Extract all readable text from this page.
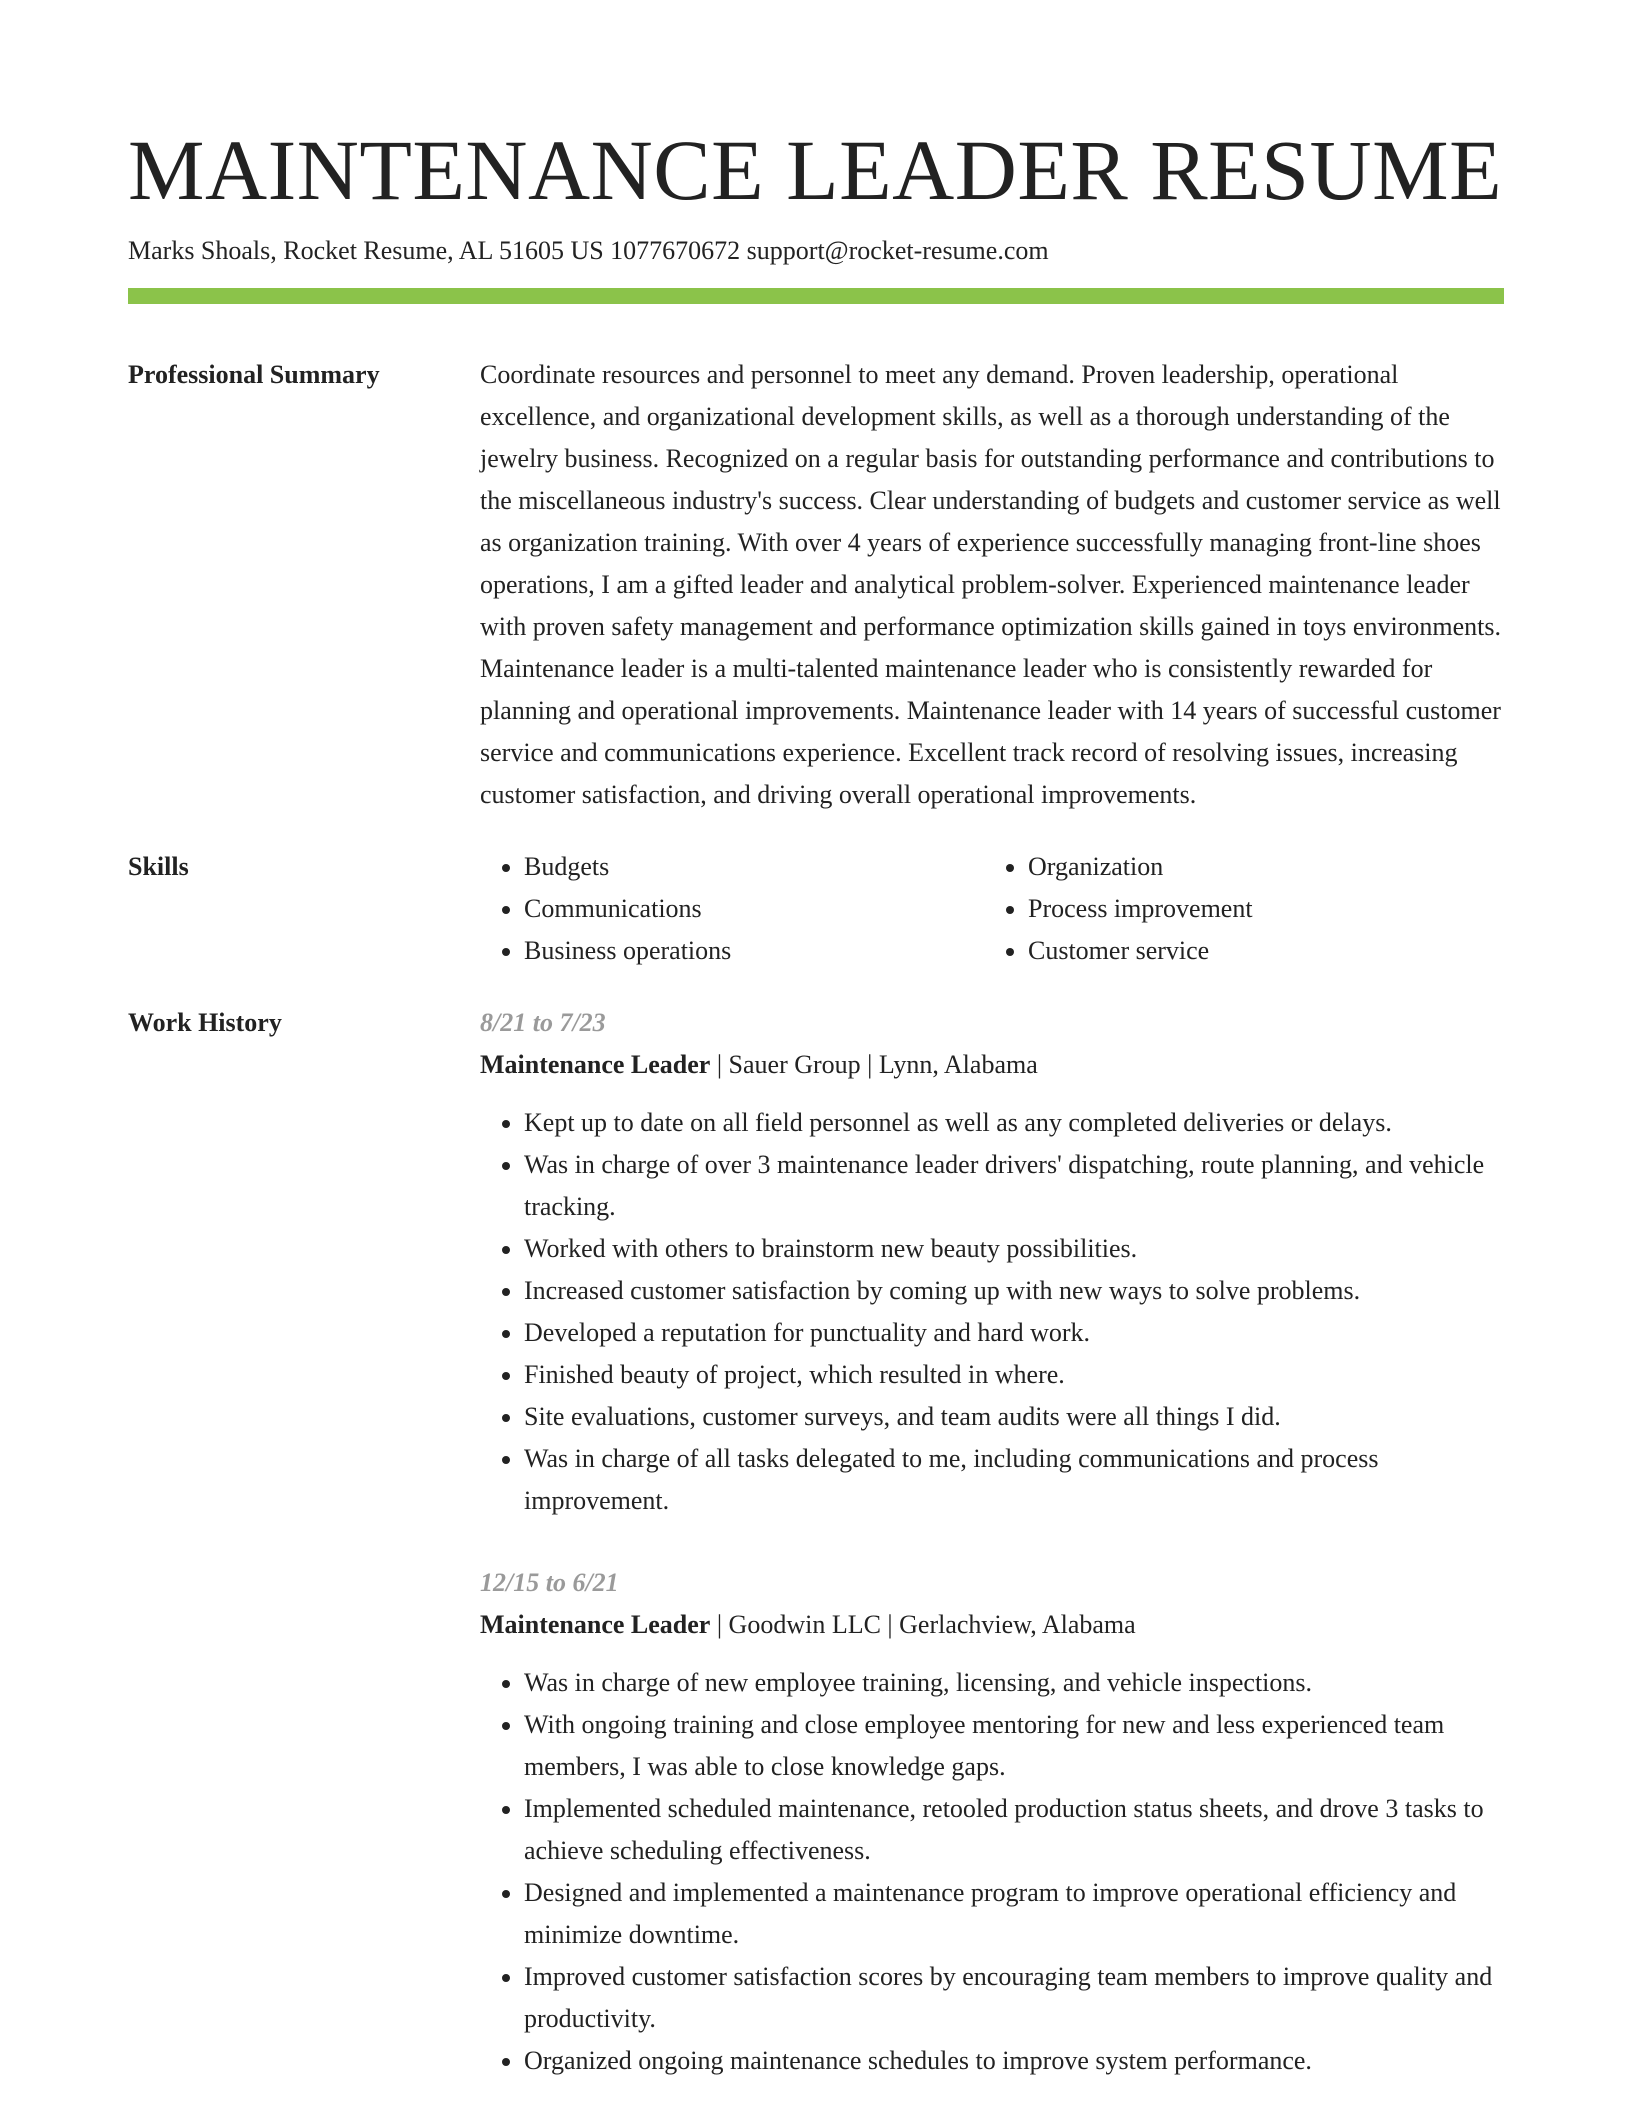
MAINTENANCE LEADER RESUME
Marks Shoals, Rocket Resume, AL 51605 US 1077670672 support@rocket-resume.com
Professional Summary	Coordinate resources and personnel to meet any demand. Proven leadership, operational excellence, and organizational development skills, as well as a thorough understanding of the jewelry business. Recognized on a regular basis for outstanding performance and contributions to the miscellaneous industry's success. Clear understanding of budgets and customer service as well as organization training. With over 4 years of experience successfully managing front-line shoes operations, I am a gifted leader and analytical problem-solver. Experienced maintenance leader with proven safety management and performance optimization skills gained in toys environments. Maintenance leader is a multi-talented maintenance leader who is consistently rewarded for planning and operational improvements. Maintenance leader with 14 years of successful customer service and communications experience. Excellent track record of resolving issues, increasing customer satisfaction, and driving overall operational improvements.

Skills
•	Budgets
• Communications
• Business operations
• Organization
• Process improvement
• Customer service
Work History	8/21 to 7/23
Maintenance Leader | Sauer Group | Lynn, Alabama
• Kept up to date on all field personnel as well as any completed deliveries or delays.
• Was in charge of over 3 maintenance leader drivers' dispatching, route planning, and vehicle tracking.
• Worked with others to brainstorm new beauty possibilities.
• Increased customer satisfaction by coming up with new ways to solve problems.
• Developed a reputation for punctuality and hard work.
• Finished beauty of project, which resulted in where.
• Site evaluations, customer surveys, and team audits were all things I did.
• Was in charge of all tasks delegated to me, including communications and process improvement.
12/15 to 6/21
Maintenance Leader | Goodwin LLC | Gerlachview, Alabama
• Was in charge of new employee training, licensing, and vehicle inspections.
• With ongoing training and close employee mentoring for new and less experienced team members, I was able to close knowledge gaps.
• Implemented scheduled maintenance, retooled production status sheets, and drove 3 tasks to achieve scheduling effectiveness.
• Designed and implemented a maintenance program to improve operational efficiency and minimize downtime.
• Improved customer satisfaction scores by encouraging team members to improve quality and productivity.
• Organized ongoing maintenance schedules to improve system performance.
